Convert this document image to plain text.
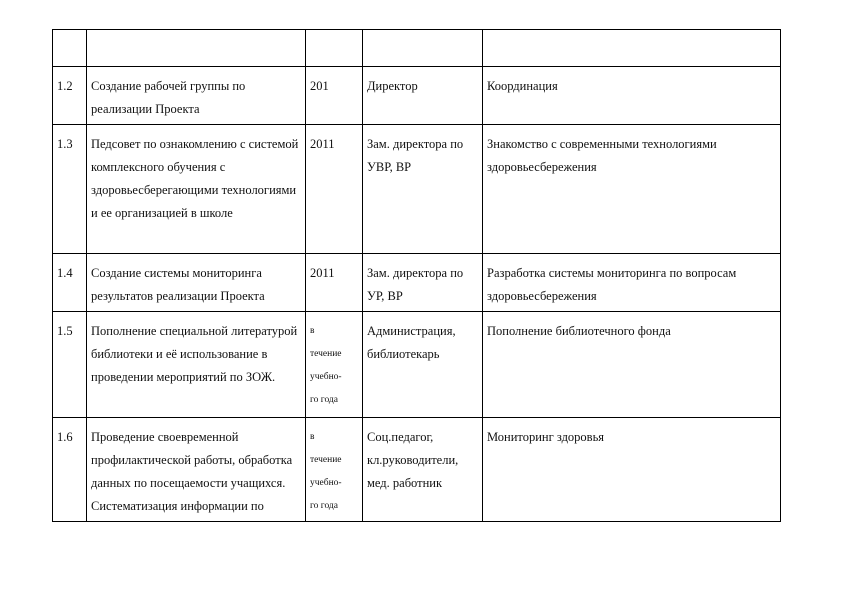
1.2	Создание рабочей группы по реализации Проекта	201	Директор	Координация
1.3	Педсовет по ознакомлению с системой комплексного обучения с здоровьесберегающими технологиями и ее организацией в школе	2011	Зам. директора по УВР, ВР	Знакомство с современными технологиями здоровьесбережения
1.4	Создание системы мониторинга результатов реализации Проекта	2011	Зам. директора по УР, ВР	Разработка системы мониторинга по вопросам здоровьесбережения
1.5	Пополнение специальной литературой библиотеки и её использование в проведении мероприятий по ЗОЖ.	в
течение
учебно-
го года	Администрация, библиотекарь	Пополнение библиотечного фонда
1.6	Проведение своевременной профилактической работы, обработка данных по посещаемости учащихся. Систематизация информации по	в
течение
учебно-
го года	Соц.педагог, кл.руководители, мед. работник	Мониторинг здоровья
